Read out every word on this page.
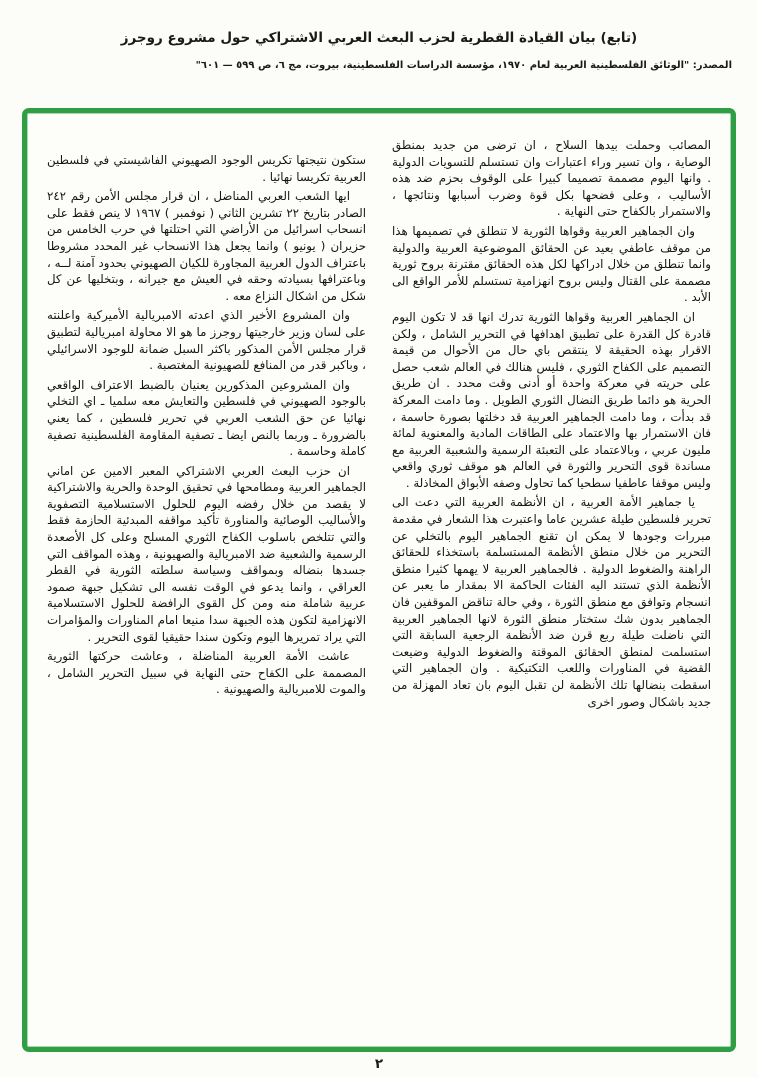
(تابع) بيان القيادة القطرية لحزب البعث العربي الاشتراكي حول مشروع روجرز
المصدر: "الوثائق الفلسطينية العربية لعام ١٩٧٠، مؤسسة الدراسات الفلسطينية، بيروت، مج ٦، ص ٥٩٩ — ٦٠١"

المصائب وحملت بيدها السلاح ، ان ترضى من جديد بمنطق الوصاية ، وان تسير وراء اعتبارات وان تستسلم للتسويات الدولية . وانها اليوم مصممة تصميما كبيرا على الوقوف بحزم ضد هذه الأساليب ، وعلى فضحها بكل قوة وضرب أسبابها ونتائجها ، والاستمرار بالكفاح حتى النهاية .

وان الجماهير العربية وقواها الثورية لا تنطلق في تصميمها هذا من موقف عاطفي بعيد عن الحقائق الموضوعية العربية والدولية وانما تنطلق من خلال ادراكها لكل هذه الحقائق مقترنة بروح ثورية مصممة على القتال وليس بروح انهزامية تستسلم للأمر الواقع الى الأبد .

ان الجماهير العربية وقواها الثورية تدرك انها قد لا تكون اليوم قادرة كل القدرة على تطبيق اهدافها في التحرير الشامل ، ولكن الاقرار بهذه الحقيقة لا ينتقص باي حال من الأحوال من قيمة التصميم على الكفاح الثوري ، فليس هنالك في العالم شعب حصل على حريته في معركة واحدة أو أدنى وقت محدد . ان طريق الحرية هو دائما طريق النضال الثوري الطويل . وما دامت المعركة قد بدأت ، وما دامت الجماهير العربية قد دخلتها بصورة حاسمة ، فان الاستمرار بها والاعتماد على الطاقات المادية والمعنوية لمائة مليون عربي ، وبالاعتماد على التعبئة الرسمية والشعبية العربية مع مساندة قوى التحرير والثورة في العالم هو موقف ثوري واقعي وليس موقفا عاطفيا سطحيا كما تحاول وصفه الأبواق المخاذلة .

يا جماهير الأمة العربية ، ان الأنظمة العربية التي دعت الى تحرير فلسطين طيلة عشرين عاما واعتبرت هذا الشعار في مقدمة مبررات وجودها لا يمكن ان تقنع الجماهير اليوم بالتخلي عن التحرير من خلال منطق الأنظمة المستسلمة باستخذاء للحقائق الراهنة والضغوط الدولية . فالجماهير العربية لا يهمها كثيرا منطق الأنظمة الذي تستند اليه الفئات الحاكمة الا بمقدار ما يعبر عن انسجام وتوافق مع منطق الثورة ، وفي حالة تناقض الموقفين فان الجماهير بدون شك ستختار منطق الثورة لانها الجماهير العربية التي ناضلت طيلة ربع قرن ضد الأنظمة الرجعية السابقة التي استسلمت لمنطق الحقائق الموقتة والضغوط الدولية وضيعت القضية في المناورات واللعب التكتيكية . وان الجماهير التي اسقطت بنضالها تلك الأنظمة لن تقبل اليوم بان تعاد المهزلة من جديد باشكال وصور اخرى

ستكون نتيجتها تكريس الوجود الصهيوني الفاشيستي في فلسطين العربية تكريسا نهائيا .

ايها الشعب العربي المناضل ، ان قرار مجلس الأمن رقم ٢٤٢ الصادر بتاريخ ٢٢ تشرين الثاني ( نوفمبر ) ١٩٦٧ لا ينص فقط على انسحاب اسرائيل من الأراضي التي احتلتها في حرب الخامس من حزيران ( يونيو ) وانما يجعل هذا الانسحاب غير المحدد مشروطا باعتراف الدول العربية المجاورة للكيان الصهيوني بحدود آمنة لــه ، وباعترافها بسيادته وحقه في العيش مع جيرانه ، وبتخليها عن كل شكل من اشكال النزاع معه .

وان المشروع الأخير الذي اعدته الامبريالية الأميركية واعلنته على لسان وزير خارجيتها روجرز ما هو الا محاولة امبريالية لتطبيق قرار مجلس الأمن المذكور باكثر السبل ضمانة للوجود الاسرائيلي ، وباكبر قدر من المنافع للصهيونية المغتصبة .

وان المشروعين المذكورين يعنيان بالضبط الاعتراف الواقعي بالوجود الصهيوني في فلسطين والتعايش معه سلميا ـ اي التخلي نهائيا عن حق الشعب العربي في تحرير فلسطين ، كما يعني بالضرورة ـ وربما بالنص ايضا ـ تصفية المقاومة الفلسطينية تصفية كاملة وحاسمة .

ان حزب البعث العربي الاشتراكي المعبر الامين عن اماني الجماهير العربية ومطامحها في تحقيق الوحدة والحرية والاشتراكية لا يقصد من خلال رفضه اليوم للحلول الاستسلامية التصفوية والأساليب الوصائية والمناورة تأكيد مواقفه المبدئية الحازمة فقط والتي تتلخص باسلوب الكفاح الثوري المسلح وعلى كل الأصعدة الرسمية والشعبية ضد الامبريالية والصهيونية ، وهذه المواقف التي جسدها بنضاله وبمواقف وسياسة سلطته الثورية في القطر العراقي ، وانما يدعو في الوقت نفسه الى تشكيل جبهة صمود عربية شاملة منه ومن كل القوى الرافضة للحلول الاستسلامية الانهزامية لتكون هذه الجبهة سدا منيعا امام المناورات والمؤامرات التي يراد تمريرها اليوم وتكون سندا حقيقيا لقوى التحرير .

عاشت الأمة العربية المناضلة ، وعاشت حركتها الثورية المصممة على الكفاح حتى النهاية في سبيل التحرير الشامل ، والموت للامبريالية والصهيونية .

٢
